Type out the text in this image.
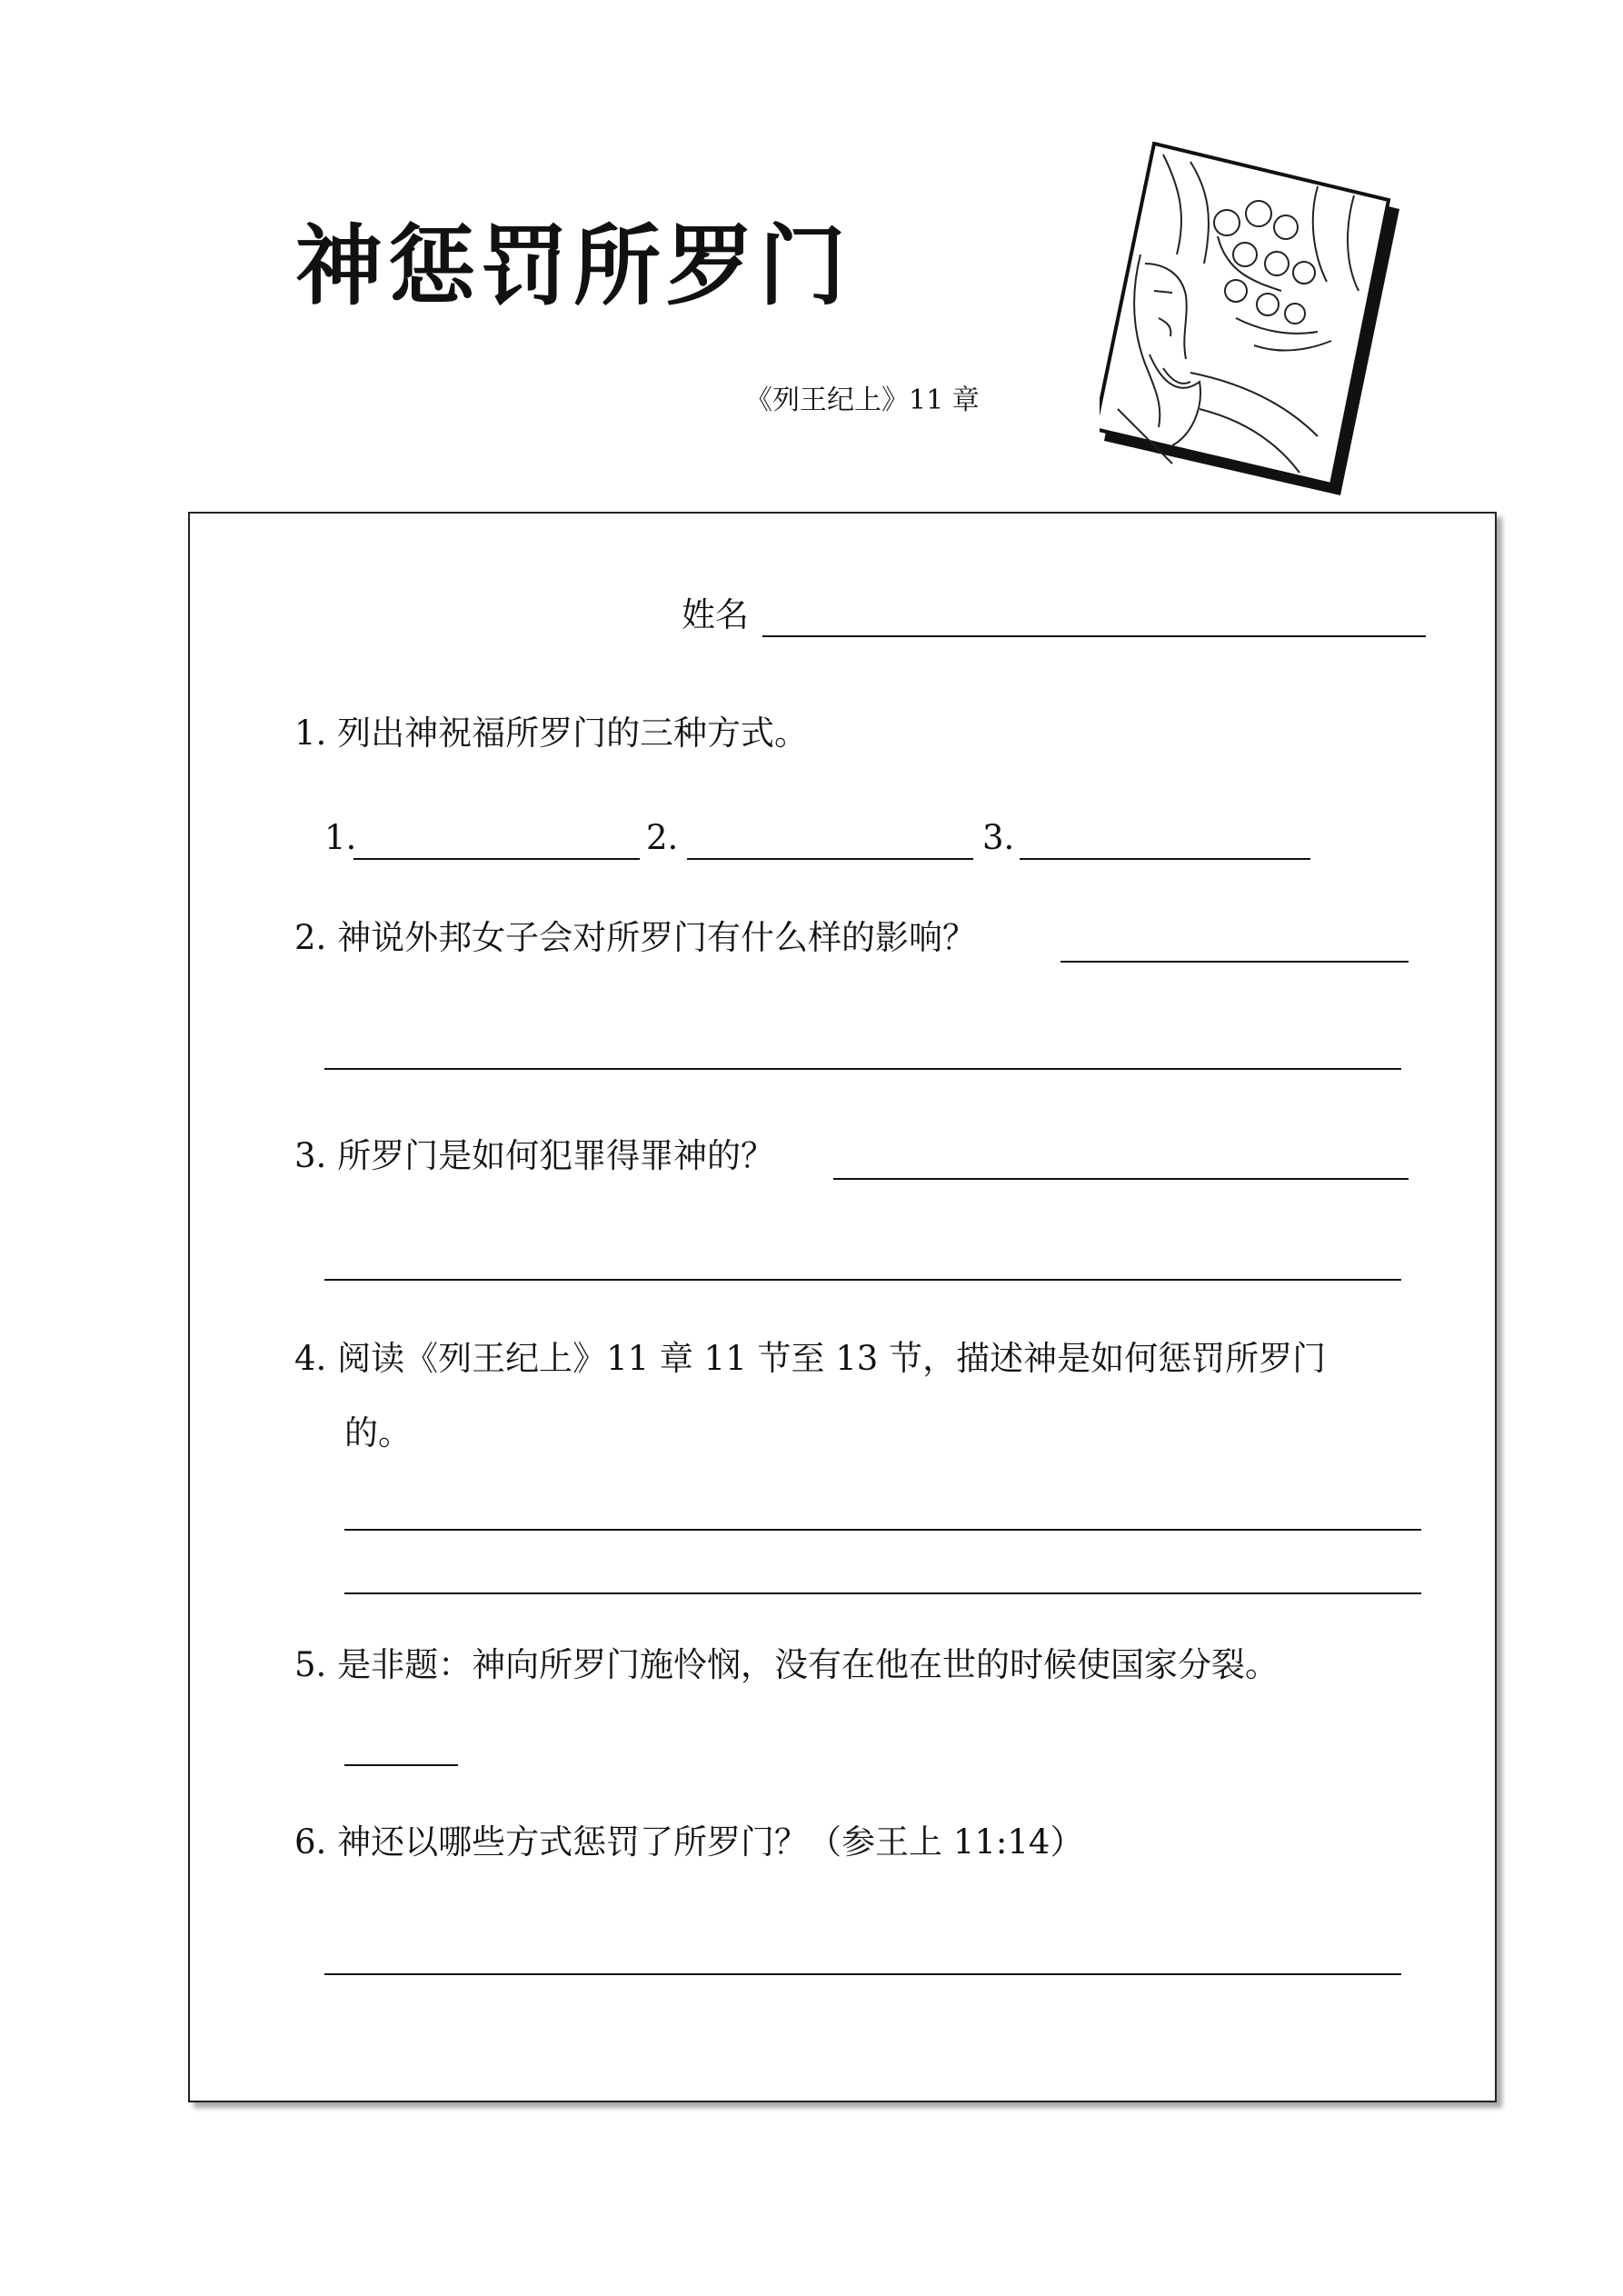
神惩罚所罗门
《列王纪上》11 章
姓名
1. 列出神祝福所罗门的三种方式。
1.	2.	3.
2. 神说外邦女子会对所罗门有什么样的影响？
3. 所罗门是如何犯罪得罪神的？
4. 阅读《列王纪上》11 章 11 节至 13 节，描述神是如何惩罚所罗门
的。
5. 是非题：神向所罗门施怜悯，没有在他在世的时候使国家分裂。
6. 神还以哪些方式惩罚了所罗门？（参王上 11:14）
